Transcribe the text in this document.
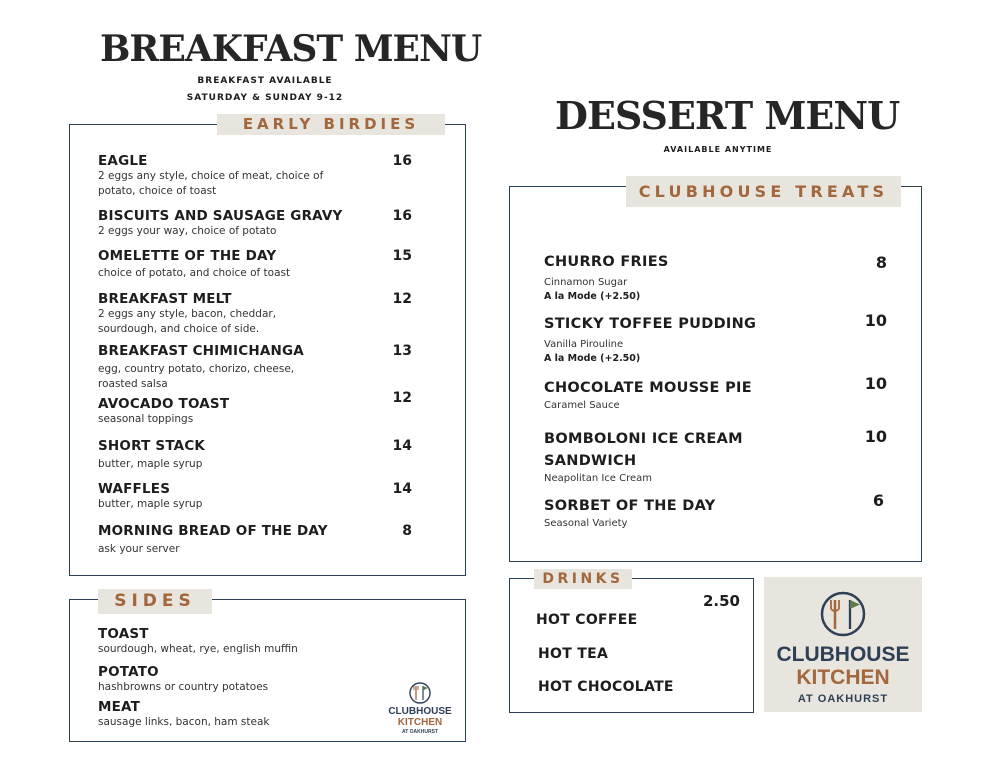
BREAKFAST MENU
BREAKFAST AVAILABLE
SATURDAY & SUNDAY 9-12
EARLY BIRDIES
EAGLE
2 eggs any style, choice of meat, choice of potato, choice of toast
16
BISCUITS AND SAUSAGE GRAVY
2 eggs your way, choice of potato
16
OMELETTE OF THE DAY
choice of potato, and choice of toast
15
BREAKFAST MELT
2 eggs any style, bacon, cheddar, sourdough, and choice of side.
12
BREAKFAST CHIMICHANGA
egg, country potato, chorizo, cheese, roasted salsa
13
AVOCADO TOAST
seasonal toppings
12
SHORT STACK
butter, maple syrup
14
WAFFLES
butter, maple syrup
14
MORNING BREAD OF THE DAY
ask your server
8
SIDES
TOAST
sourdough, wheat, rye, english muffin
POTATO
hashbrowns or country potatoes
MEAT
sausage links, bacon, ham steak
CLUBHOUSE
KITCHEN
AT OAKHURST
DESSERT MENU
AVAILABLE ANYTIME
CLUBHOUSE TREATS
CHURRO FRIES
Cinnamon Sugar
A la Mode (+2.50)
8
STICKY TOFFEE PUDDING
Vanilla Pirouline
A la Mode (+2.50)
10
CHOCOLATE MOUSSE PIE
Caramel Sauce
10
BOMBOLONI ICE CREAM SANDWICH
Neapolitan Ice Cream
10
SORBET OF THE DAY
Seasonal Variety
6
DRINKS
2.50
HOT COFFEE
HOT TEA
HOT CHOCOLATE
CLUBHOUSE
KITCHEN
AT OAKHURST
